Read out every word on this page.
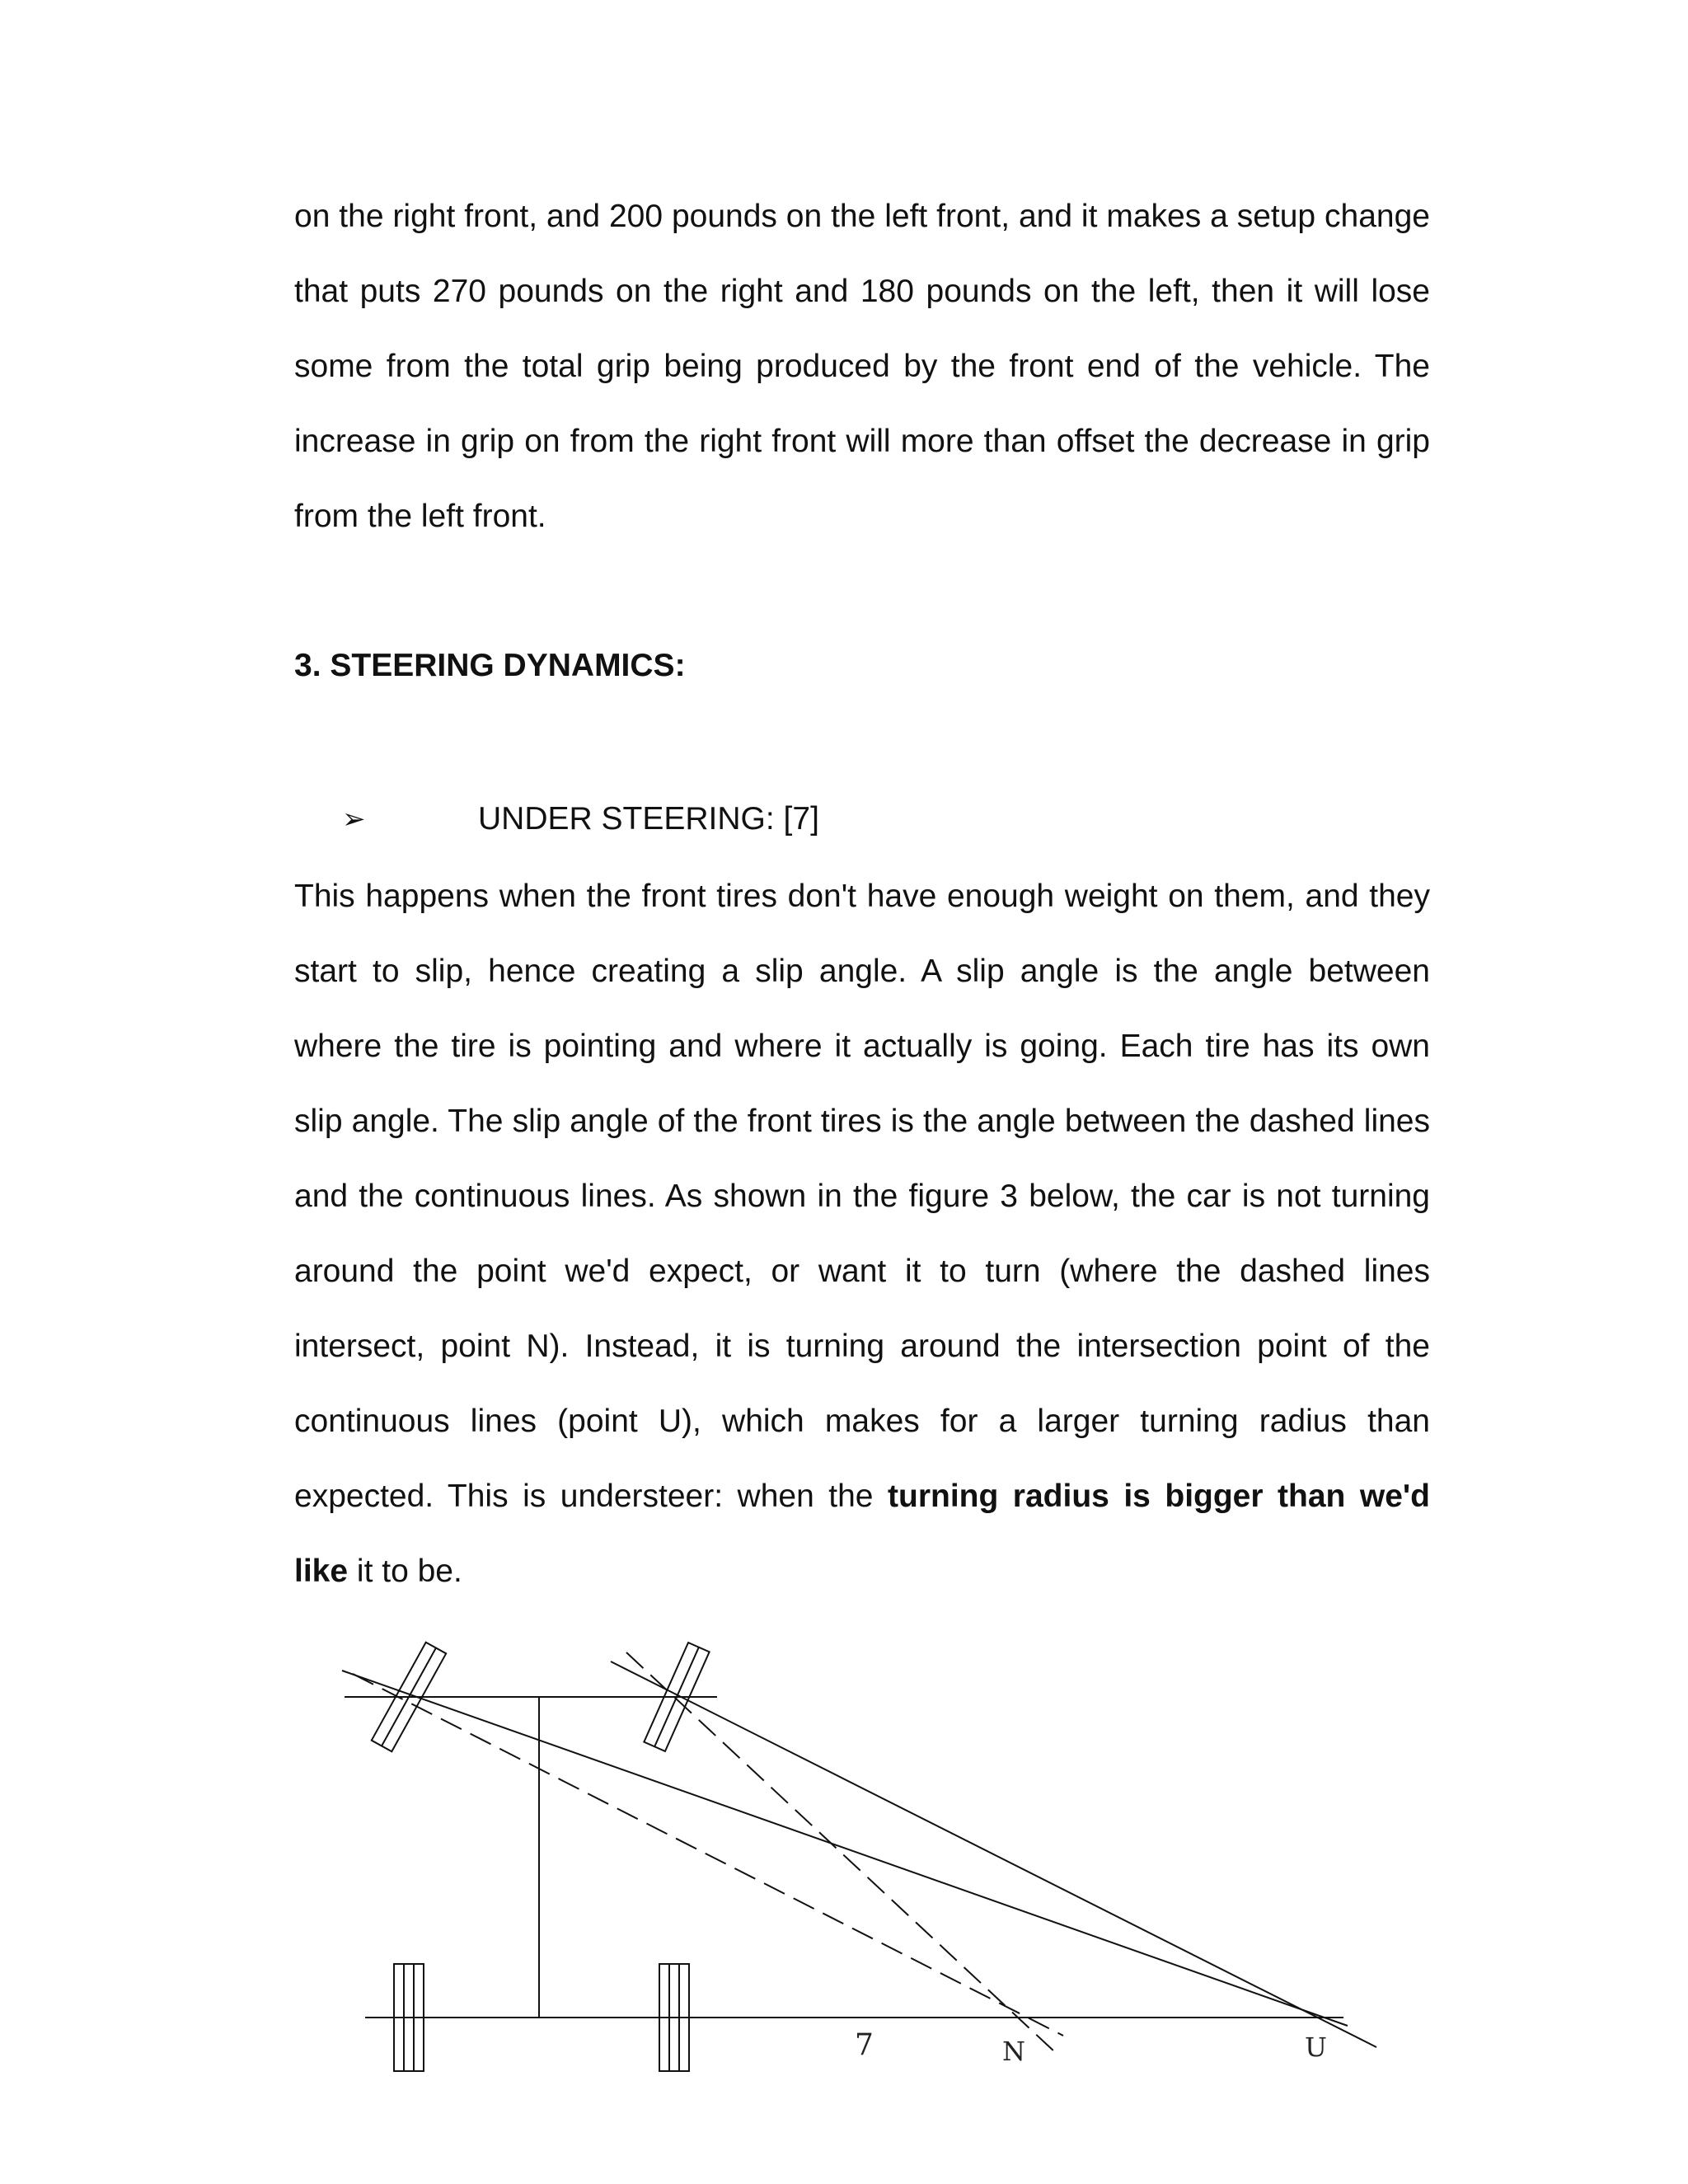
on the right front, and 200 pounds on the left front, and it makes a setup change that puts 270 pounds on the right and 180 pounds on the left, then it will lose some from the total grip being produced by the front end of the vehicle. The increase in grip on from the right front will more than offset the decrease in grip from the left front.

3. STEERING DYNAMICS:
➢	UNDER STEERING: [7]

This happens when the front tires don't have enough weight on them, and they start to slip, hence creating a slip angle. A slip angle is the angle between where the tire is pointing and where it actually is going. Each tire has its own slip angle. The slip angle of the front tires is the angle between the dashed lines and the continuous lines. As shown in the figure 3 below, the car is not turning around the point we'd expect, or want it to turn (where the dashed lines intersect, point N). Instead, it is turning around the intersection point of the continuous lines (point U), which makes for a larger turning radius than expected. This is understeer: when the turning radius is bigger than we'd like it to be.

7	N	U
